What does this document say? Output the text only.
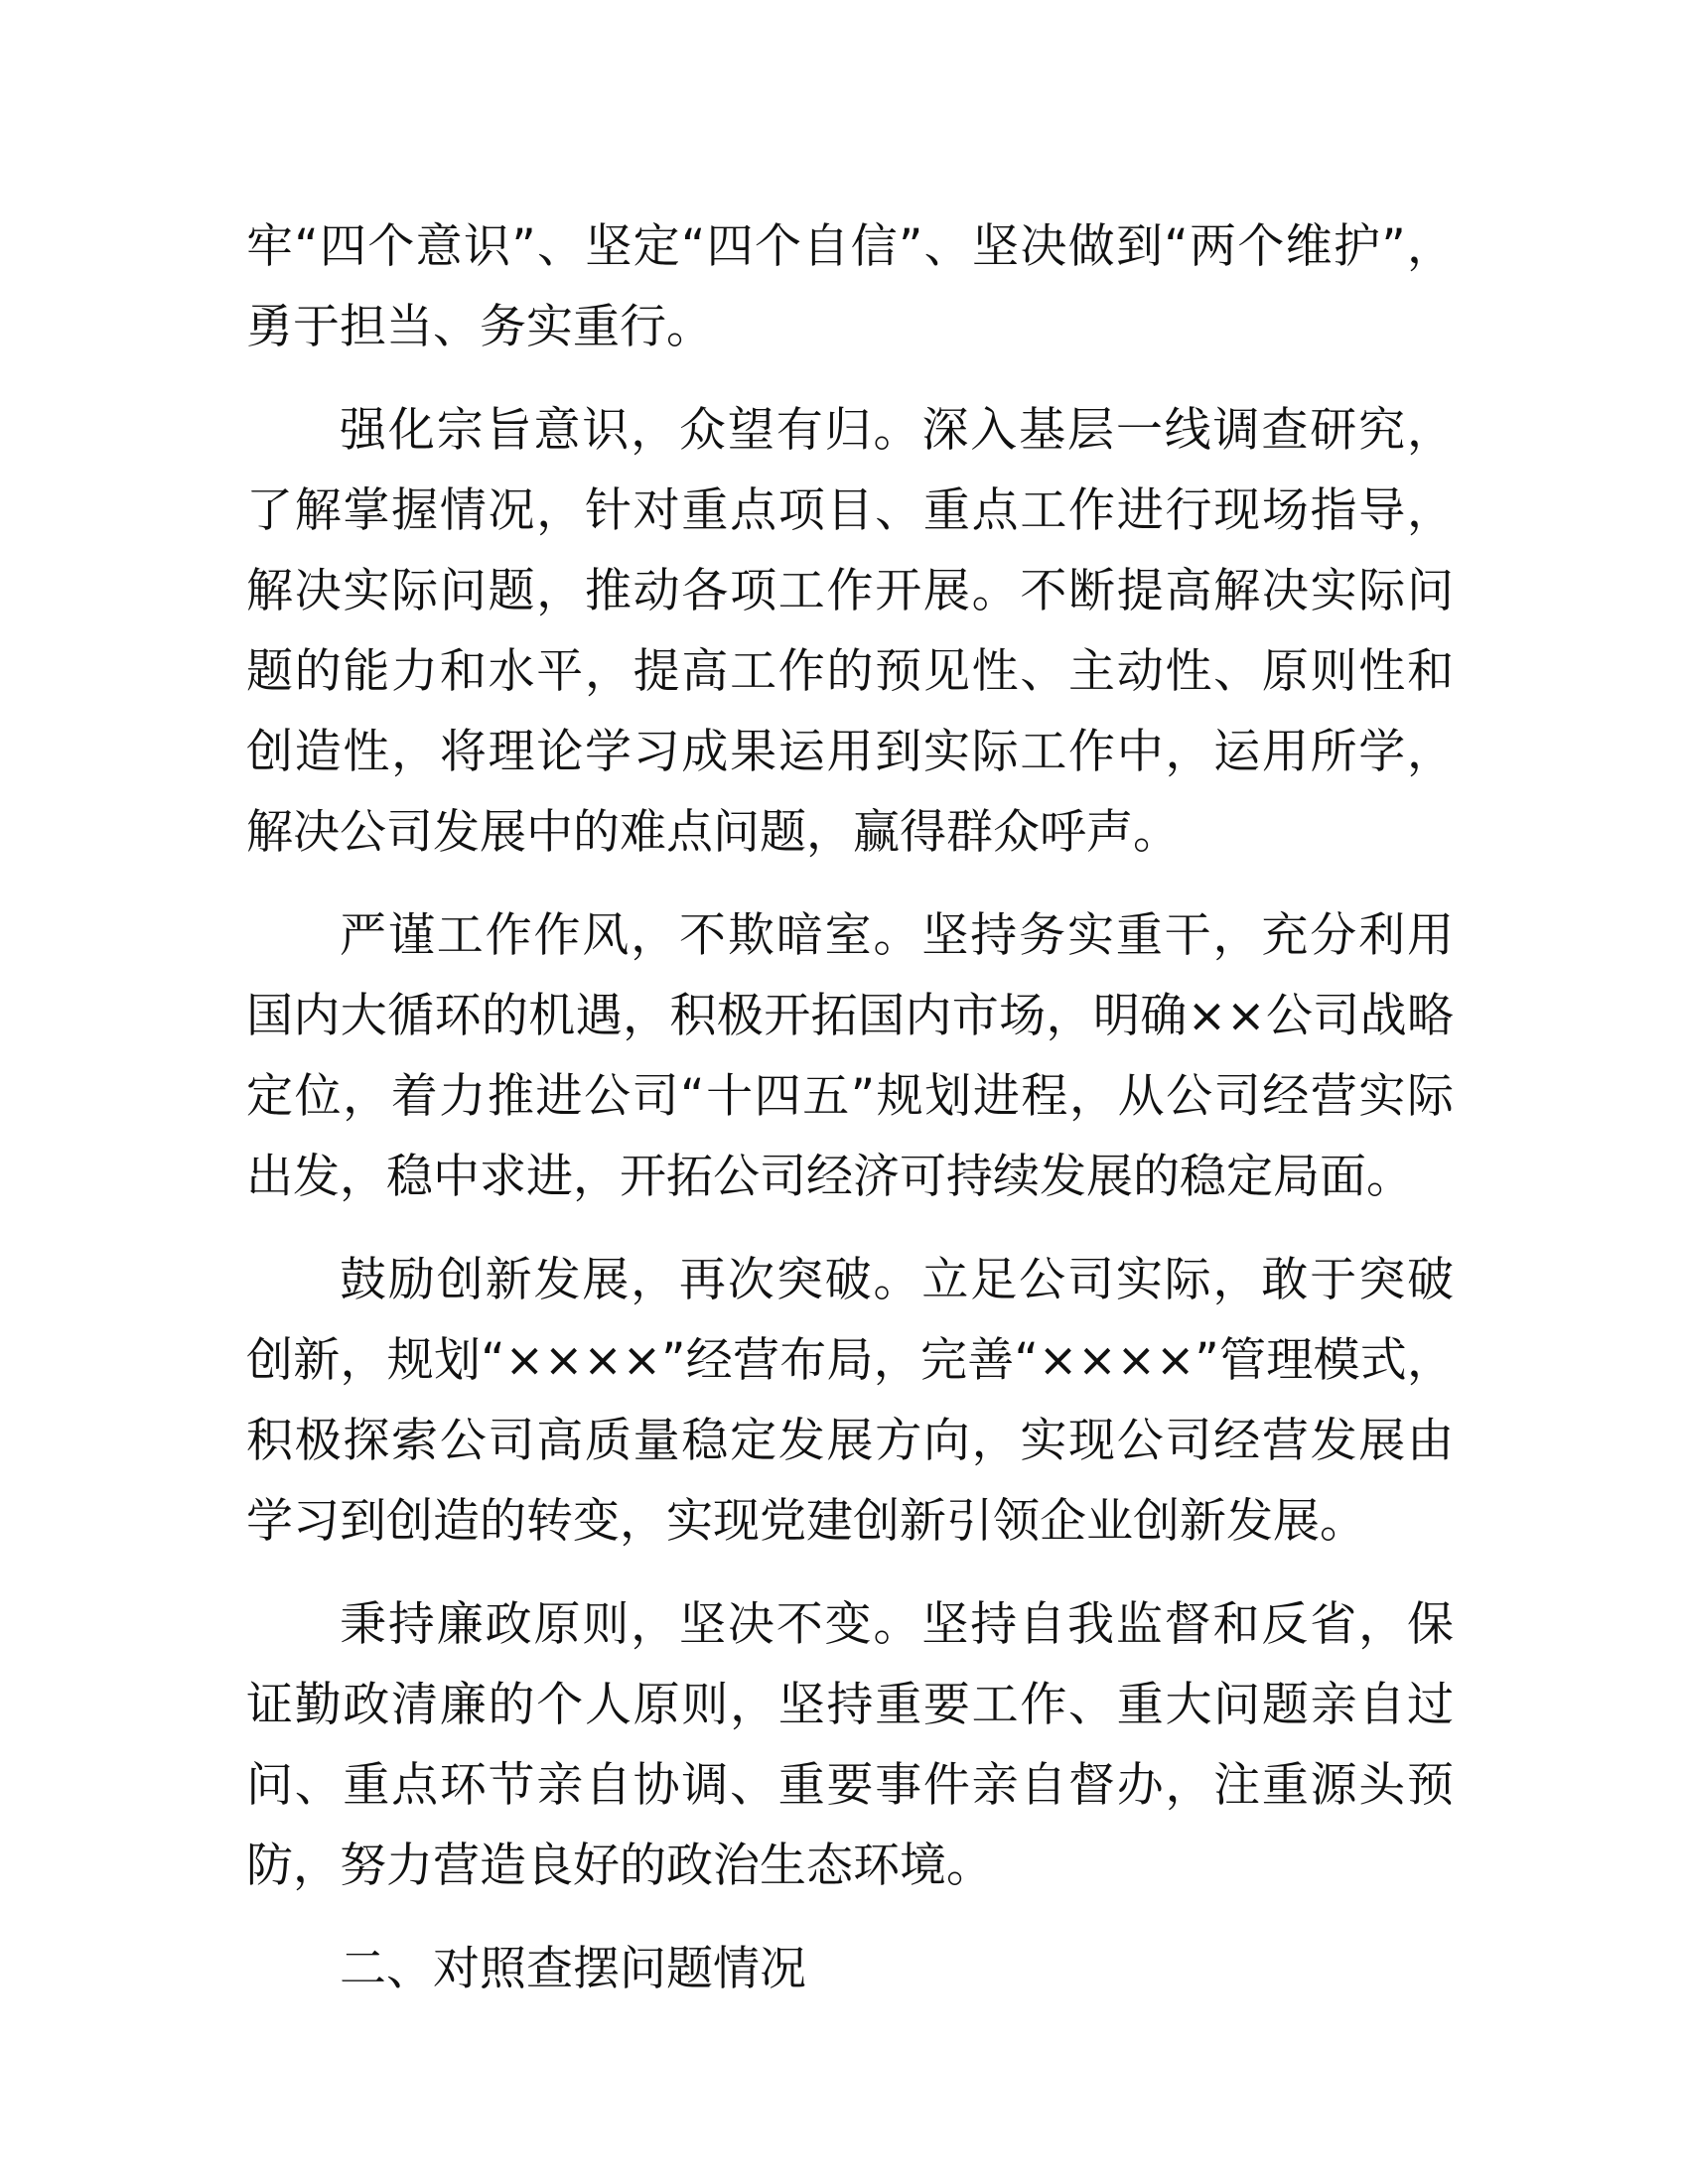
牢“四个意识”、坚定“四个自信”、坚决做到“两个维护”，勇于担当、务实重行。

强化宗旨意识，众望有归。深入基层一线调查研究，了解掌握情况，针对重点项目、重点工作进行现场指导，解决实际问题，推动各项工作开展。不断提高解决实际问题的能力和水平，提高工作的预见性、主动性、原则性和创造性，将理论学习成果运用到实际工作中，运用所学，解决公司发展中的难点问题，赢得群众呼声。

严谨工作作风，不欺暗室。坚持务实重干，充分利用国内大循环的机遇，积极开拓国内市场，明确××公司战略定位，着力推进公司“十四五”规划进程，从公司经营实际出发，稳中求进，开拓公司经济可持续发展的稳定局面。

鼓励创新发展，再次突破。立足公司实际，敢于突破创新，规划“××××”经营布局，完善“××××”管理模式，积极探索公司高质量稳定发展方向，实现公司经营发展由学习到创造的转变，实现党建创新引领企业创新发展。

秉持廉政原则，坚决不变。坚持自我监督和反省，保证勤政清廉的个人原则，坚持重要工作、重大问题亲自过问、重点环节亲自协调、重要事件亲自督办，注重源头预防，努力营造良好的政治生态环境。

二、对照查摆问题情况
